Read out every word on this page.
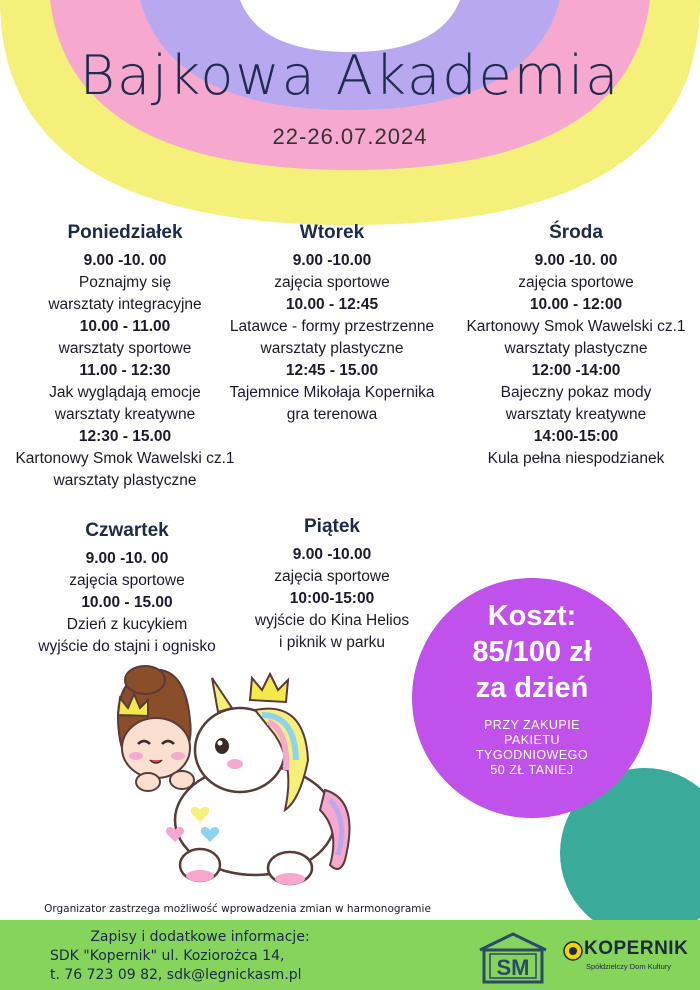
Bajkowa Akademia
22-26.07.2024
Poniedziałek
9.00 -10. 00
Poznajmy się
warsztaty integracyjne
10.00 - 11.00
warsztaty sportowe
11.00 - 12:30
Jak wyglądają emocje
warsztaty kreatywne
12:30 - 15.00
Kartonowy Smok Wawelski cz.1
warsztaty plastyczne
Wtorek
9.00 -10.00
zajęcia sportowe
10.00 - 12:45
Latawce - formy przestrzenne
warsztaty plastyczne
12:45 - 15.00
Tajemnice Mikołaja Kopernika
gra terenowa
Środa
9.00 -10. 00
zajęcia sportowe
10.00 - 12:00
Kartonowy Smok Wawelski cz.1
warsztaty plastyczne
12:00 -14:00
Bajeczny pokaz mody
warsztaty kreatywne
14:00-15:00
Kula pełna niespodzianek
Czwartek
9.00 -10. 00
zajęcia sportowe
10.00 - 15.00
Dzień z kucykiem
wyjście do stajni i ognisko
Piątek
9.00 -10.00
zajęcia sportowe
10:00-15:00
wyjście do Kina Helios
i piknik w parku
Koszt:
85/100 zł
za dzień
PRZY ZAKUPIE
PAKIETU
TYGODNIOWEGO
50 ZŁ TANIEJ
Organizator zastrzega możliwość wprowadzenia zmian w harmonogramie
Zapisy i dodatkowe informacje:
SDK "Kopernik" ul. Koziorożca 14,
t. 76 723 09 82, sdk@legnickasm.pl	SM
KOPERNIK
Spółdzielczy Dom Kultury
